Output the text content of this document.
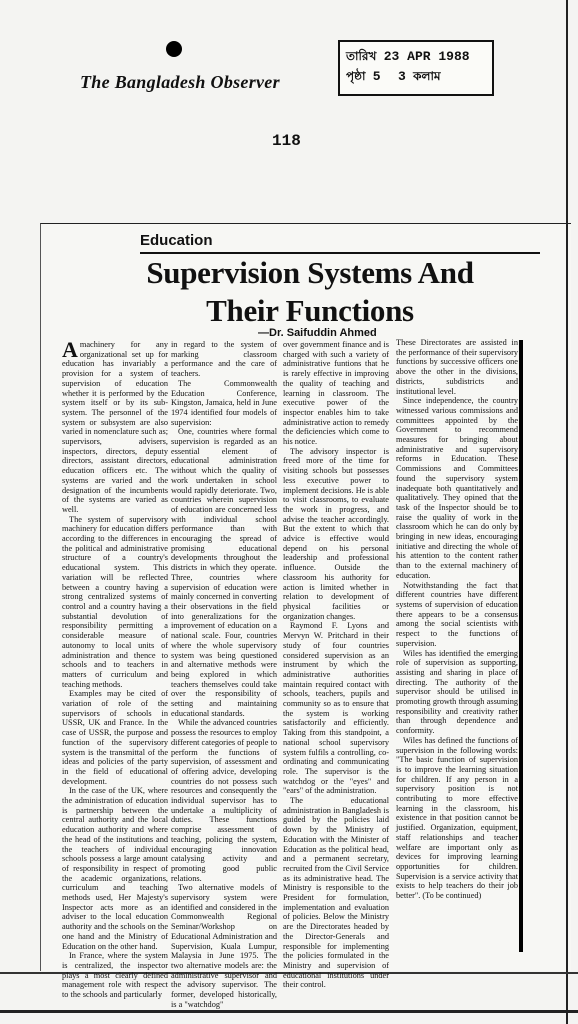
তারিখ 23 APR 1988
পৃষ্ঠা 5 3 কলাম
The Bangladesh Observer
118
Education
Supervision Systems And
Their Functions
—Dr. Saifuddin Ahmed

Amachinery for any organizational set up for education has invariably a provision for a system of supervision of education whether it is performed by the system itself or by its sub-system. The personnel of the system or subsystem are also varied in nomenclature such as; supervisors, advisers, inspectors, directors, deputy directors, assistant directors, education officers etc. The systems are varied and the designation of the incumbents of the systems are varied as well.

The system of supervisory machinery for education differs according to the differences in the political and administrative structure of a country's educational system. This variation will be reflected between a country having a strong centralized systems of control and a country having a substantial devolution of responsibility permitting a considerable measure of autonomy to local units of administration and thence to schools and to teachers in matters of curriculum and teaching methods.

Examples may be cited of variation of role of the supervisors of schools in USSR, UK and France. In the case of USSR, the purpose and function of the supervisory system is the transmittal of the ideas and policies of the party in the field of educational development.

In the case of the UK, where the administration of education is partnership between the central authority and the local education authority and where the head of the institutions and the teachers of individual schools possess a large amount of responsibility in respect of the academic organizations, curriculum and teaching methods used, Her Majesty's Inspector acts more as an adviser to the local education authority and the schools on the one hand and the Ministry of Education on the other hand.

In France, where the system is centralized, the inspector plays a most clearly defined management role with respect to the schools and particularly

in regard to the system of marking classroom performance and the care of teachers.

The Commonwealth Education Conference, Kingston, Jamaica, held in June 1974 identified four models of supervision:

One, countries where formal supervision is regarded as an essential element of educational administration without which the quality of work undertaken in school would rapidly deteriorate. Two, countries wherein supervision of education are concerned less with individual school performance than with encouraging the spread of promising educational developments throughout the districts in which they operate. Three, countries where supervision of education were mainly concerned in converting their observations in the field into generalizations for the improvement of education on a national scale. Four, countries where the whole supervisory system was being questioned and alternative methods were being explored in which teachers themselves could take over the responsibility of setting and maintaining educational standards.

While the advanced countries possess the resources to employ different categories of people to perform the functions of supervision, of assessment and of offering advice, developing countries do not possess such resources and consequently the individual supervisor has to undertake a multiplicity of duties. These functions comprise assessment of teaching, policing the system, encouraging innovation catalysing activity and promoting good public relations.

Two alternative models of supervisory system were identified and considered in the Commonwealth Regional Seminar/Workshop on Educational Administration and Supervision, Kuala Lumpur, Malaysia in June 1975. The two alternative models are: the administrative supervisor and the advisory supervisor. The former, developed historically, is a "watchdog"

over government finance and is charged with such a variety of administrative funtions that he is rarely effective in improving the quality of teaching and learning in classroom. The executive power of the inspector enables him to take administrative action to remedy the deficiencies which come to his notice.

The advisory inspector is freed more of the time for visiting schools but possesses less executive power to implement decisions. He is able to visit classrooms, to evaluate the work in progress, and advise the teacher accordingly. But the extent to which that advice is effective would depend on his personal leadership and professional influence. Outside the classroom his authority for action is limited whether in relation to development of physical facilities or organization changes.

Raymond F. Lyons and Mervyn W. Pritchard in their study of four countries considered supervision as an instrument by which the administrative authorities maintain required contact with schools, teachers, pupils and community so as to ensure that the system is working satisfactorily and efficiently. Taking from this standpoint, a national school supervisory system fulfils a controlling, co-ordinating and communicating role. The supervisor is the watchdog or the "eyes" and "ears" of the administration.

The educational administration in Bangladesh is guided by the policies laid down by the Ministry of Education with the Minister of Education as the political head, and a permanent secretary, recruited from the Civil Service as its administrative head. The Ministry is responsible to the President for formulation, implementation and evaluation of policies. Below the Ministry are the Directorates headed by the Director-Generals and responsible for implementing the policies formulated in the Ministry and supervision of educational institutions under their control.

These Directorates are assisted in the performance of their supervisory functions by successive officers one above the other in the divisions, districts, subdistricts and institutional level.

Since independence, the country witnessed various commissions and committees appointed by the Government to recommend measures for bringing about administrative and supervisory reforms in Education. These Commissions and Committees found the supervisory system inadequate both quantitatively and qualitatively. They opined that the task of the Inspector should be to raise the quality of work in the classroom which he can do only by bringing in new ideas, encouraging initiative and directing the whole of his attention to the content rather than to the external machinery of education.

Notwithstanding the fact that different countries have different systems of supervision of education there appears to be a consensus among the social scientists with respect to the functions of supervision.

Wiles has identified the emerging role of supervision as supporting, assisting and sharing in place of directing. The authority of the supervisor should be utilised in promoting growth through assuming responsibility and creativity rather than through dependence and conformity.

Wiles has defined the functions of supervision in the following words: "The basic function of supervision is to improve the learning situation for children. If any person in a supervisory position is not contributing to more effective learning in the classroom, his existence in that position cannot be justified. Organization, equipment, staff relationships and teacher welfare are important only as devices for improving learning opportunities for children. Supervision is a service activity that exists to help teachers do their job better". (To be continued)
